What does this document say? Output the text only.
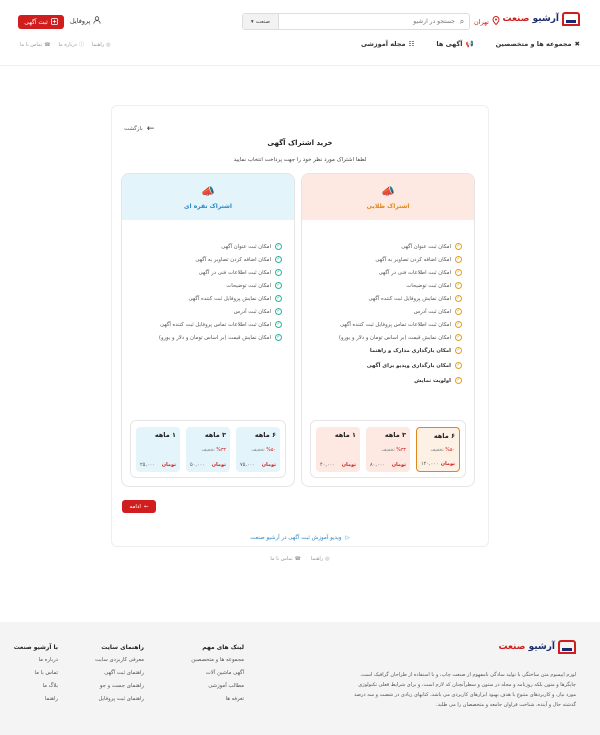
آرشیو صنعت
تهران
⌕
جستجو در آرشیو
صنعت
▾
پروفایل
ثبت آگهی
✖
مجموعه ها و متخصصین
📢
آگهی ها
☷
مجله آموزشی
◎
راهنما
ⓘ
درباره ما
☎
تماس با ما
←
بازگشت
خرید اشتراک آگهی
لطفا اشتراک مورد نظر خود را جهت پرداخت انتخاب نمایید
📣
اشتراک طلایی
✓
امکان ثبت عنوان آگهی
✓
امکان اضافه کردن تصاویر به آگهی
✓
امکان ثبت اطلاعات فنی در آگهی
✓
امکان ثبت توضیحات
✓
امکان نمایش پروفایل ثبت کننده آگهی
✓
امکان ثبت آدرس
✓
امکان ثبت اطلاعات تماس پروفایل ثبت کننده آگهی
✓
امکان نمایش قیمت (بر اساس تومان و دلار و یورو)
✓
امکان بارگذاری مدارک و راهنما
✓
امکان بارگذاری ویدیو برای آگهی
✓
اولویت نمایش
۶ ماهه
%۵۰ تخفیف
تومان
۱۲۰,۰۰۰
۳ ماهه
%۳۳ تخفیف
تومان
۸۰,۰۰۰
۱ ماهه
تومان
۴۰,۰۰۰
📣
اشتراک نقره ای
✓
امکان ثبت عنوان آگهی
✓
امکان اضافه کردن تصاویر به آگهی
✓
امکان ثبت اطلاعات فنی در آگهی
✓
امکان ثبت توضیحات
✓
امکان نمایش پروفایل ثبت کننده آگهی
✓
امکان ثبت آدرس
✓
امکان ثبت اطلاعات تماس پروفایل ثبت کننده آگهی
✓
امکان نمایش قیمت (بر اساس تومان و دلار و یورو)
۶ ماهه
%۵۰ تخفیف
تومان
۷۵,۰۰۰
۳ ماهه
%۳۳ تخفیف
تومان
۵۰,۰۰۰
۱ ماهه
تومان
۲۵,۰۰۰
←
ادامه
▷
ویدیو آموزش ثبت آگهی در آرشیو صنعت
◎
راهنما
☎
تماس با ما
آرشیو صنعت
لورم ایپسوم متن ساختگی با تولید سادگی نامفهوم از صنعت چاپ، و با استفاده از طراحان گرافیک است، چاپگرها و متون بلکه روزنامه و مجله در ستون و سطرآنچنان که لازم است، و برای شرایط فعلی تکنولوژی مورد نیاز، و کاربردهای متنوع با هدف بهبود ابزارهای کاربردی می باشد، کتابهای زیادی در شصت و سه درصد گذشته حال و آینده، شناخت فراوان جامعه و متخصصان را می طلبد.
لینک های مهم
مجموعه ها و متخصصین
آگهی ماشین آلات
مطالب آموزشی
تعرفه ها
راهنمای سایت
معرفی کاربردی سایت
راهنمای ثبت آگهی
راهنمای جست و جو
راهنمای ثبت پروفایل
با آرشیو صنعت
درباره ما
تماس با ما
بلاگ ما
راهنما
